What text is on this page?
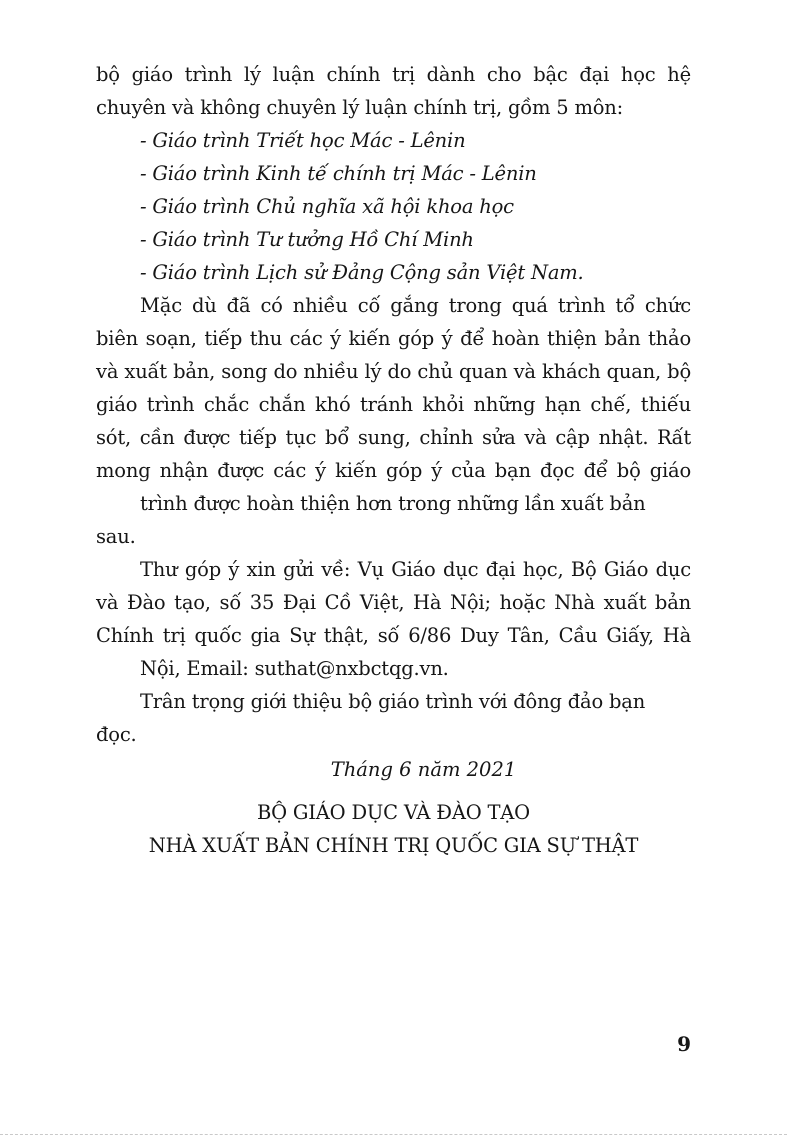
bộ giáo trình lý luận chính trị dành cho bậc đại học hệ
chuyên và không chuyên lý luận chính trị, gồm 5 môn:

- Giáo trình Triết học Mác - Lênin
- Giáo trình Kinh tế chính trị Mác - Lênin
- Giáo trình Chủ nghĩa xã hội khoa học
- Giáo trình Tư tưởng Hồ Chí Minh
- Giáo trình Lịch sử Đảng Cộng sản Việt Nam.

Mặc dù đã có nhiều cố gắng trong quá trình tổ chức biên soạn, tiếp thu các ý kiến góp ý để hoàn thiện bản thảo và xuất bản, song do nhiều lý do chủ quan và khách quan, bộ giáo trình chắc chắn khó tránh khỏi những hạn chế, thiếu sót, cần được tiếp tục bổ sung, chỉnh sửa và cập nhật. Rất mong nhận được các ý kiến góp ý của bạn đọc để bộ giáo
trình được hoàn thiện hơn trong những lần xuất bản sau.

Thư góp ý xin gửi về: Vụ Giáo dục đại học, Bộ Giáo dục và Đào tạo, số 35 Đại Cồ Việt, Hà Nội; hoặc Nhà xuất bản Chính trị quốc gia Sự thật, số 6/86 Duy Tân, Cầu Giấy, Hà
Nội, Email: suthat@nxbctqg.vn.

Trân trọng giới thiệu bộ giáo trình với đông đảo bạn đọc.

Tháng 6 năm 2021

BỘ GIÁO DỤC VÀ ĐÀO TẠO
NHÀ XUẤT BẢN CHÍNH TRỊ QUỐC GIA SỰ THẬT
9
